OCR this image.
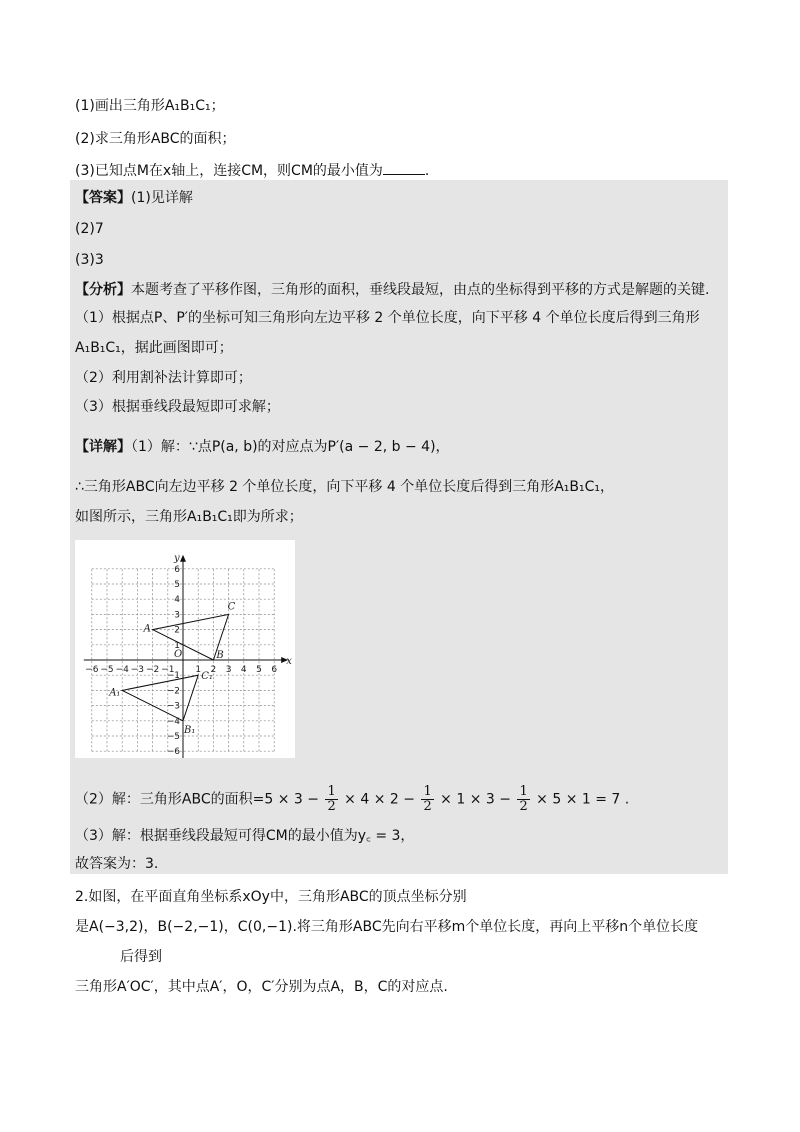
(1)画出三角形A₁B₁C₁；
(2)求三角形ABC的面积；
(3)已知点M在x轴上，连接CM，则CM的最小值为	.
【答案】(1)见详解
(2)7
(3)3
【分析】本题考查了平移作图，三角形的面积，垂线段最短，由点的坐标得到平移的方式是解题的关键.
（1）根据点P、P′的坐标可知三角形向左边平移 2 个单位长度，向下平移 4 个单位长度后得到三角形
A₁B₁C₁，据此画图即可；
（2）利用割补法计算即可；
（3）根据垂线段最短即可求解；
【详解】（1）解：∵点P(a, b)的对应点为P′(a − 2, b − 4)，
∴三角形ABC向左边平移 2 个单位长度，向下平移 4 个单位长度后得到三角形A₁B₁C₁，
如图所示，三角形A₁B₁C₁即为所求；
−6 −5 −4 −3 −2 −1 1 2 3 4 5 6
6
5
4
3
2
1
−1
−2
−3
−4
−5
−6
x
y
O
A
B
C
A₁
B₁
C₁
（2）解：三角形ABC的面积$=5 \times 3 - \frac{1}{2} \times 4 \times 2 - \frac{1}{2} \times 1 \times 3 - \frac{1}{2} \times 5 \times 1 = 7$ .
（3）解：根据垂线段最短可得CM的最小值为y꜀ = 3，
故答案为：3.
2.如图，在平面直角坐标系xOy中，三角形ABC的顶点坐标分别
是A(−3,2)，B(−2,−1)，C(0,−1).将三角形ABC先向右平移m个单位长度，再向上平移n个单位长度
后得到
三角形A′OC′，其中点A′，O，C′分别为点A，B，C的对应点.
